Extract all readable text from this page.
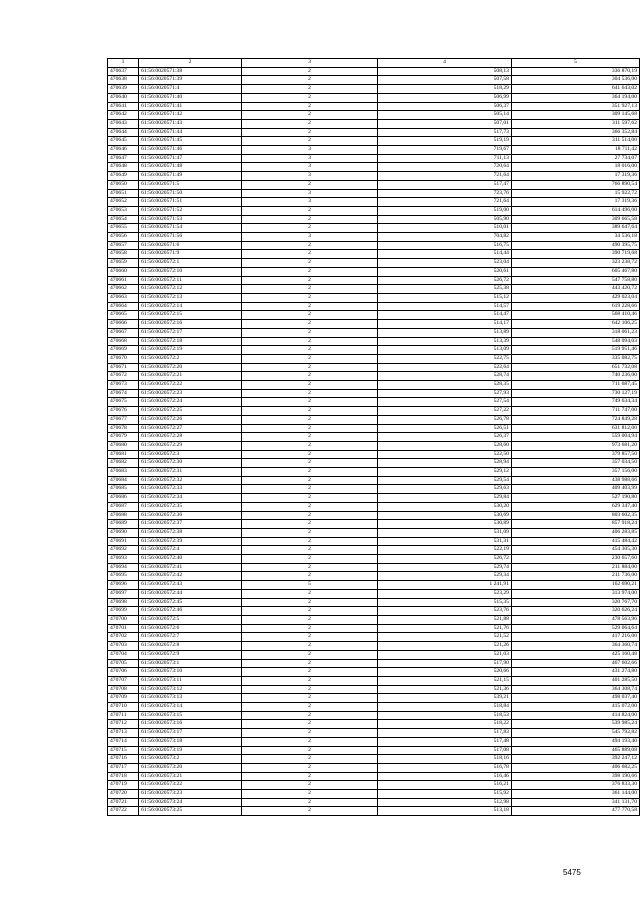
1	2	3	4	5
470637	61:56:0020571:38	2	508,13	336 870,19
470638	61:56:0020571:39	2	507,58	304 536,00
470639	61:56:0020571:4	2	518,29	641 643,02
470640	61:56:0020571:40	2	506,99	364 194,00
470641	61:56:0020571:41	2	506,37	351 927,13
470642	61:56:0020571:42	2	505,14	309 145,68
470643	61:56:0020571:43	2	507,01	311 597,62
470644	61:56:0020571:44	2	517,73	366 352,84
470645	61:56:0020571:45	2	519,19	311 514,00
470646	61:56:0020571:46	3	719,67	18 711,42
470647	61:56:0020571:47	3	711,13	27 734,07
470648	61:56:0020571:48	3	720,64	18 016,00
470649	61:56:0020571:49	3	721,64	17 319,36
470650	61:56:0020571:5	2	517,47	766 890,54
470651	61:56:0020571:50	3	723,76	15 922,72
470652	61:56:0020571:51	3	721,64	17 319,36
470653	61:56:0020571:52	2	519,00	614 496,00
470654	61:56:0020571:53	2	505,90	309 665,58
470655	61:56:0020571:54	2	510,01	389 647,64
470656	61:56:0020571:56	3	704,82	34 536,18
470657	61:56:0020571:6	2	516,75	490 395,75
470658	61:56:0020571:9	2	514,44	390 719,68
470659	61:56:0020572:1	2	523,04	323 238,72
470660	61:56:0020572:10	2	520,61	605 467,80
470661	61:56:0020572:11	2	526,72	547 758,80
470662	61:56:0020572:12	2	525,38	443 420,72
470663	61:56:0020572:13	2	515,12	429 023,04
470664	61:56:0020572:14	2	514,57	619 228,66
470665	61:56:0020572:15	2	514,47	568 410,46
470666	61:56:0020572:16	2	514,17	642 106,25
470667	61:56:0020572:17	2	513,89	318 061,23
470668	61:56:0020572:18	2	513,39	548 094,03
470669	61:56:0020572:19	2	513,09	519 951,46
470670	61:56:0020572:2	2	522,75	335 082,75
470671	61:56:0020572:20	2	522,64	651 732,08
470672	61:56:0020572:21	2	528,74	740 236,00
470673	61:56:0020572:22	2	528,35	711 687,45
470674	61:56:0020572:23	2	527,93	730 127,19
470675	61:56:0020572:24	2	527,54	749 634,34
470676	61:56:0020572:25	2	527,22	711 747,00
470677	61:56:0020572:26	2	526,78	724 849,28
470678	61:56:0020572:27	2	526,51	631 812,00
470679	61:56:0020572:28	2	526,37	559 004,94
470680	61:56:0020572:29	2	528,60	973 681,20
470681	61:56:0020572:3	2	522,50	379 857,50
470682	61:56:0020572:30	2	528,94	357 034,50
470683	61:56:0020572:31	2	529,12	357 156,00
470684	61:56:0020572:32	2	529,54	438 988,66
470685	61:56:0020572:33	2	529,63	409 403,99
470686	61:56:0020572:34	2	529,84	527 190,80
470687	61:56:0020572:35	2	530,20	629 347,40
470688	61:56:0020572:36	2	530,69	803 602,35
470689	61:56:0020572:37	2	530,89	857 918,24
470690	61:56:0020572:38	2	531,09	406 283,85
470691	61:56:0020572:39	2	531,31	415 484,42
470692	61:56:0020572:4	2	522,19	454 305,30
470693	61:56:0020572:40	2	526,72	230 657,60
470694	61:56:0020572:41	2	529,74	211 884,00
470695	61:56:0020572:42	2	529,34	211 736,00
470696	61:56:0020572:43	5	1 241,91	162 690,21
470697	61:56:0020572:44	2	523,29	313 974,00
470698	61:56:0020572:45	2	515,35	320 767,70
470699	61:56:0020572:46	2	523,76	320 626,24
470700	61:56:0020572:5	2	521,88	478 563,96
470701	61:56:0020572:6	2	521,76	529 064,64
470702	61:56:0020572:7	2	521,52	417 216,00
470703	61:56:0020572:8	2	521,26	364 360,74
470704	61:56:0020572:9	2	521,03	425 160,48
470705	61:56:0020573:1	2	517,90	467 602,66
470706	61:56:0020573:10	2	520,66	431 274,80
470707	61:56:0020573:11	2	521,15	401 285,50
470708	61:56:0020573:12	2	521,36	364 308,74
470709	61:56:0020573:13	2	539,21	498 037,40
470710	61:56:0020573:14	2	518,84	415 072,00
470711	61:56:0020573:15	2	518,53	414 824,00
470712	61:56:0020573:16	2	518,22	539 985,24
470713	61:56:0020573:17	2	517,83	545 792,82
470714	61:56:0020573:18	2	517,48	494 193,40
470715	61:56:0020573:19	2	517,08	465 889,08
470716	61:56:0020573:2	2	518,16	392 247,12
470717	61:56:0020573:20	2	516,78	406 682,25
470718	61:56:0020573:21	2	516,46	398 190,66
470719	61:56:0020573:22	2	516,21	376 833,30
470720	61:56:0020573:23	2	515,92	361 144,00
470721	61:56:0020573:24	2	512,98	341 131,70
470722	61:56:0020573:25	2	513,18	477 770,58
5475
